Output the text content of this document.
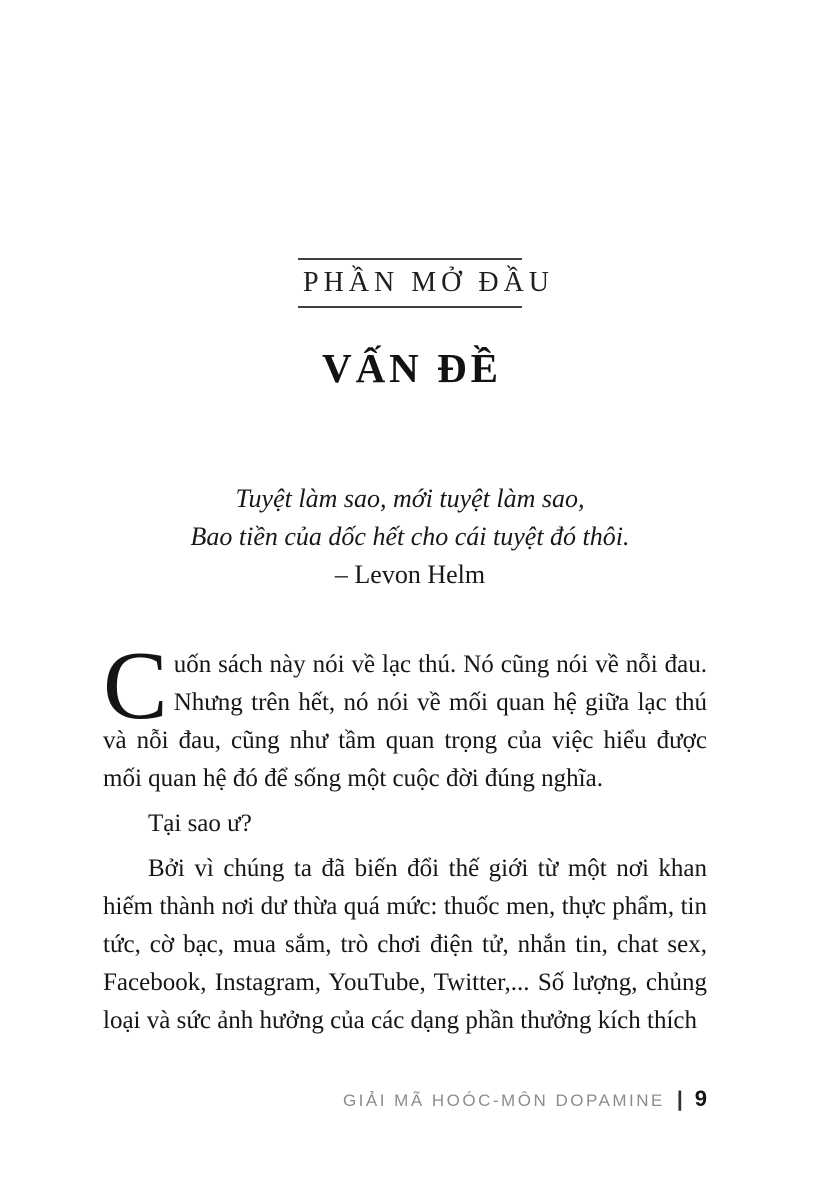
PHẦN MỞ ĐẦU
VẤN ĐỀ

Tuyệt làm sao, mới tuyệt làm sao,

Bao tiền của dốc hết cho cái tuyệt đó thôi.

– Levon Helm

Cuốn sách này nói về lạc thú. Nó cũng nói về nỗi đau. Nhưng trên hết, nó nói về mối quan hệ giữa lạc thú và nỗi đau, cũng như tầm quan trọng của việc hiểu được mối quan hệ đó để sống một cuộc đời đúng nghĩa.

Tại sao ư?

Bởi vì chúng ta đã biến đổi thế giới từ một nơi khan hiếm thành nơi dư thừa quá mức: thuốc men, thực phẩm, tin tức, cờ bạc, mua sắm, trò chơi điện tử, nhắn tin, chat sex, Facebook, Instagram, YouTube, Twitter,... Số lượng, chủng loại và sức ảnh hưởng của các dạng phần thưởng kích thích

GIẢI MÃ HOÓC-MÔN DOPAMINE | 9
